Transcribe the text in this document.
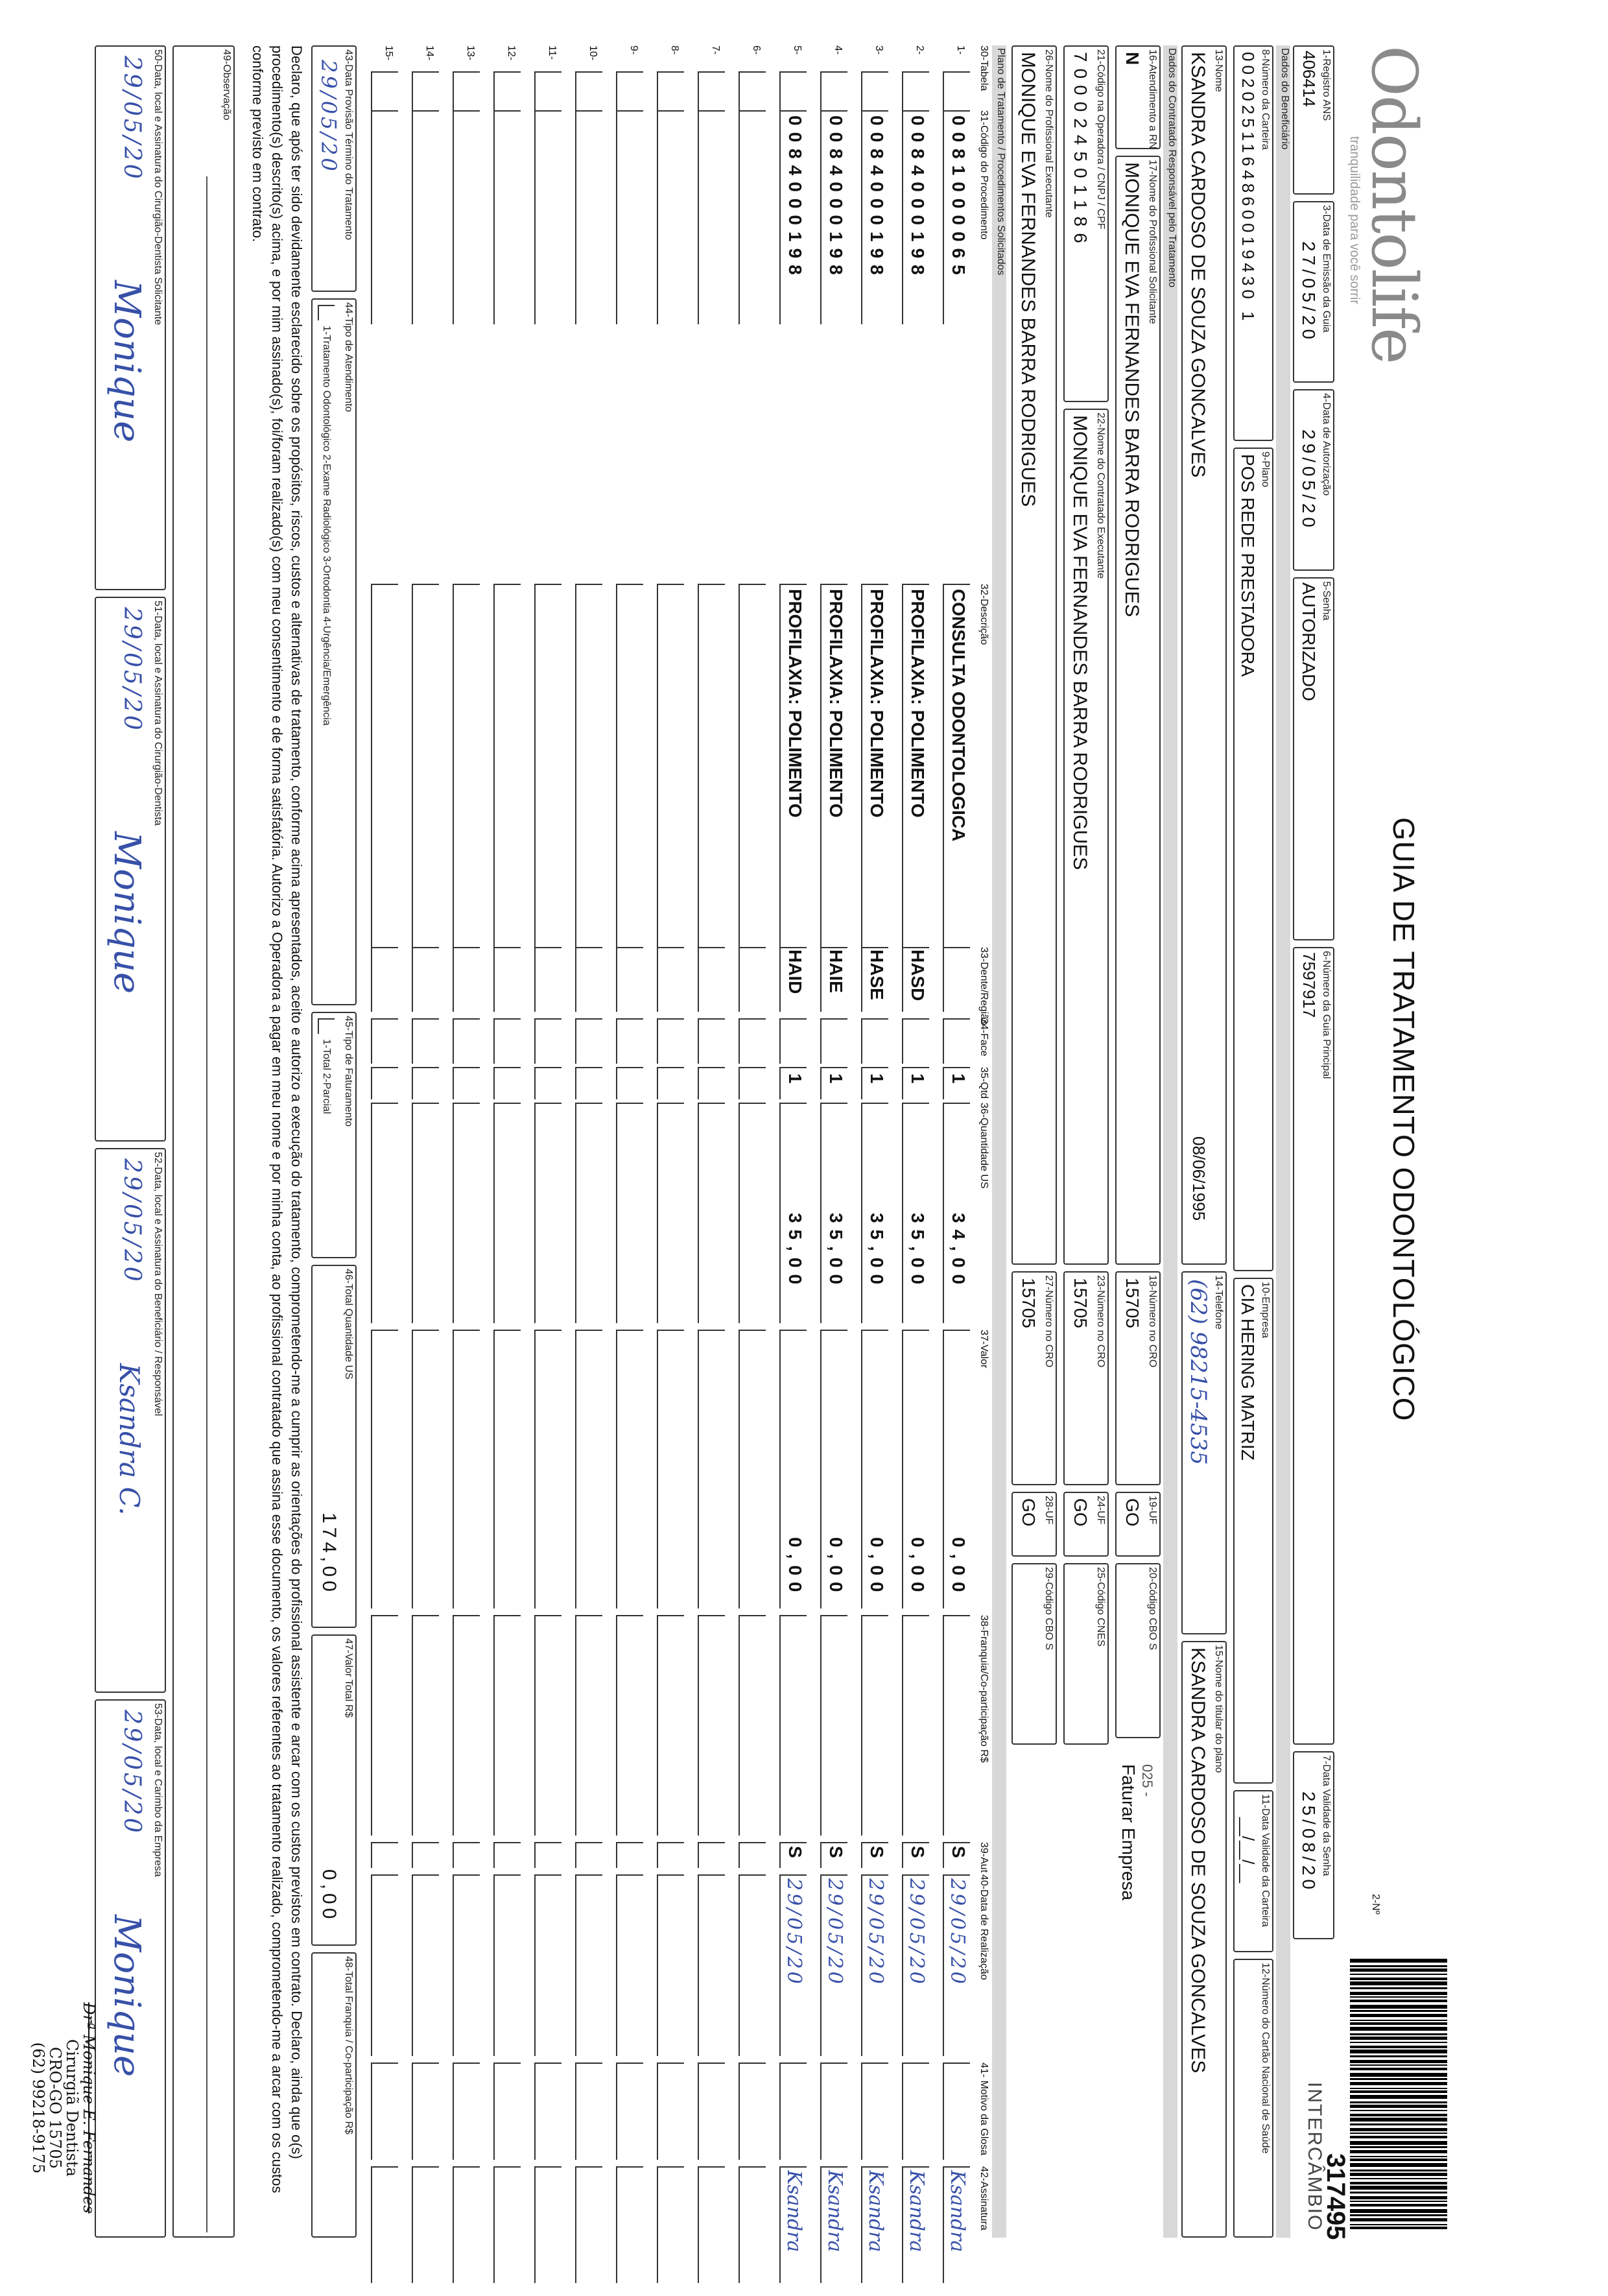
Odontolife
tranquilidade para você sorrir
GUIA DE TRATAMENTO ODONTOLÓGICO
2-Nº
317495
INTERCÂMBIO
1-Registro ANS
406414
3-Data de Emissão da Guia
27/05/20
4-Data de Autorização
29/05/20
5-Senha
AUTORIZADO
6-Número da Guia Principal
7597917
7-Data Validade da Senha
25/08/20
Dados do Beneficiário
8-Número da Carteira
0020251164860019430 1
9-Plano
POS REDE PRESTADORA
10-Empresa
CIA HERING MATRIZ
11-Data Validade da Carteira
__/__/__
12-Número do Cartão Nacional de Saúde
13-Nome
KSANDRA CARDOSO DE SOUZA GONCALVES
08/06/1995
14-Telefone
(62) 98215-4535
15-Nome do titular do plano
KSANDRA CARDOSO DE SOUZA GONCALVES
Dados do Contratado Responsável pelo Tratamento
16-Atendimento a RN
N
17-Nome do Profissional Solicitante
MONIQUE EVA FERNANDES BARRA RODRIGUES
18-Número no CRO
15705
19-UF
GO
20-Código CBO S
025 -
Faturar Empresa
21-Código na Operadora / CNPJ / CPF
700024501186
22-Nome do Contratado Executante
MONIQUE EVA FERNANDES BARRA RODRIGUES
23-Número no CRO
15705
24-UF
GO
25-Código CNES
26-Nome do Profissional Executante
MONIQUE EVA FERNANDES BARRA RODRIGUES
27-Número no CRO
15705
28-UF
GO
29-Código CBO S
Plano de Tratamento / Procedimentos Solicitados
30-Tabela
31-Código do Procedimento
32-Descrição
33-Dente/Região
34-Face
35-Qtd
36-Quantidade US
37-Valor
38-Franquia/Co-participação R$
39-Aut
40-Data de Realização
41- Motivo da Glosa
42-Assinatura
1-
0081000065
CONSULTA ODONTOLOGICA
1
34,00
0,00
S
29/05/20
Ksandra
2-
0084000198
PROFILAXIA: POLIMENTO
HASD
1
35,00
0,00
S
29/05/20
Ksandra
3-
0084000198
PROFILAXIA: POLIMENTO
HASE
1
35,00
0,00
S
29/05/20
Ksandra
4-
0084000198
PROFILAXIA: POLIMENTO
HAIE
1
35,00
0,00
S
29/05/20
Ksandra
5-
0084000198
PROFILAXIA: POLIMENTO
HAID
1
35,00
0,00
S
29/05/20
Ksandra
6-
7-
8-
9-
10-
11-
12-
13-
14-
15-
43-Data Provisão Término do Tratamento
29/05/20
44-Tipo de Atendimento
1-Tratamento Odontológico 2-Exame Radiológico 3-Ortodontia 4-Urgência/Emergência
45-Tipo de Faturamento
1-Total 2-Parcial
46-Total Quantidade US
174,00
47-Valor Total R$
0,00
48-Total Franquia / Co-participação R$
Declaro, que após ter sido devidamente esclarecido sobre os propósitos, riscos, custos e alternativas de tratamento, conforme acima apresentados, aceito e autorizo a execução do tratamento, comprometendo-me a cumprir as orientações do profissional assistente e arcar com os custos previstos em contrato. Declaro, ainda que o(s) procedimento(s) descrito(s) acima, e por mim assinado(s), foi/foram realizado(s) com meu consentimento e de forma satisfatória. Autorizo a Operadora a pagar em meu nome e por minha conta, ao profissional contratado que assina esse documento, os valores referentes ao tratamento realizado, comprometendo-me a arcar com os custos conforme previsto em contrato.
49-Observação
50-Data, local e Assinatura do Cirurgião-Dentista Solicitante
29/05/20
Monique
51-Data, local e Assinatura do Cirurgião-Dentista
29/05/20
Monique
52-Data, local e Assinatura do Beneficiário / Responsável
29/05/20
Ksandra C.
53-Data, local e Carimbo da Empresa
29/05/20
Monique
Drª Monique E. Fernandes
Cirurgiã Dentista
CRO-GO 15705
(62) 99218-9175
